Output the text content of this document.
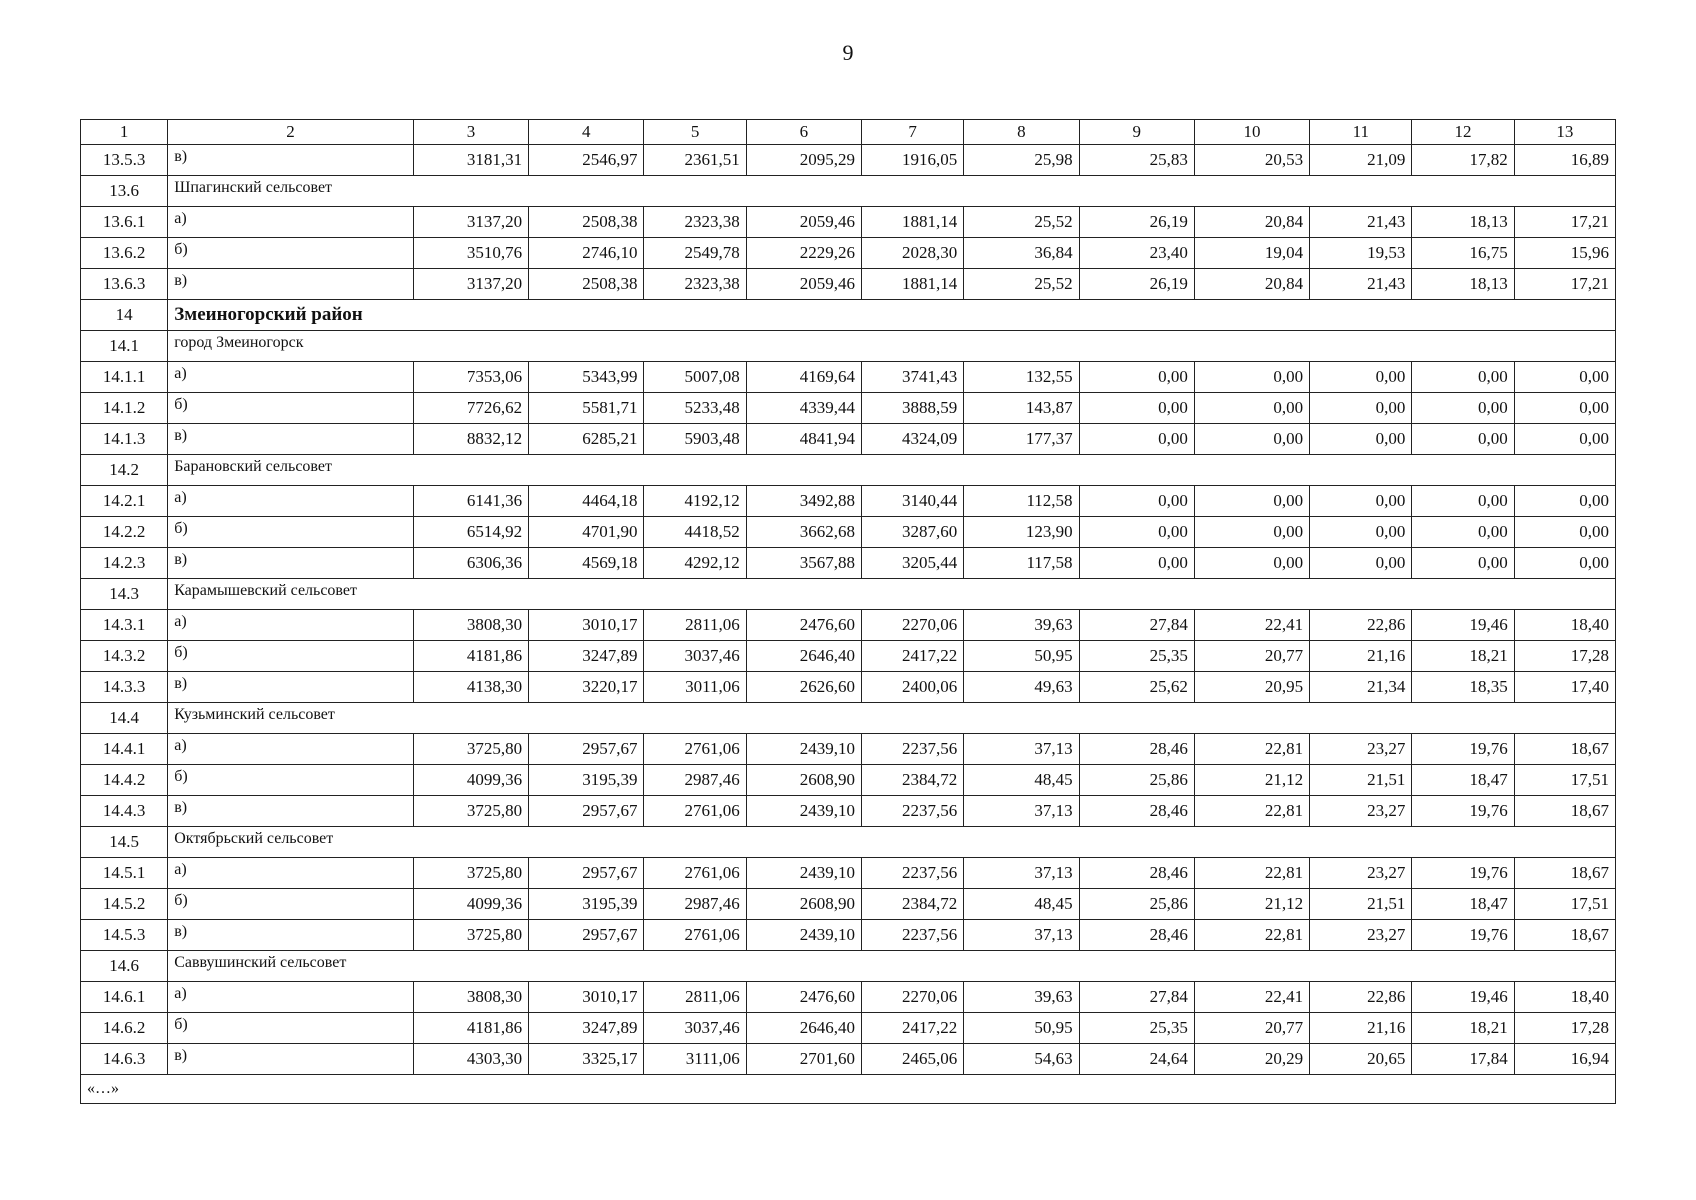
9
1	2	3	4	5	6	7	8	9	10	11	12	13
13.5.3	в)	3181,31	2546,97	2361,51	2095,29	1916,05	25,98	25,83	20,53	21,09	17,82	16,89
13.6	Шпагинский сельсовет											
13.6.1	а)	3137,20	2508,38	2323,38	2059,46	1881,14	25,52	26,19	20,84	21,43	18,13	17,21
13.6.2	б)	3510,76	2746,10	2549,78	2229,26	2028,30	36,84	23,40	19,04	19,53	16,75	15,96
13.6.3	в)	3137,20	2508,38	2323,38	2059,46	1881,14	25,52	26,19	20,84	21,43	18,13	17,21
14	Змеиногорский район											
14.1	город Змеиногорск											
14.1.1	а)	7353,06	5343,99	5007,08	4169,64	3741,43	132,55	0,00	0,00	0,00	0,00	0,00
14.1.2	б)	7726,62	5581,71	5233,48	4339,44	3888,59	143,87	0,00	0,00	0,00	0,00	0,00
14.1.3	в)	8832,12	6285,21	5903,48	4841,94	4324,09	177,37	0,00	0,00	0,00	0,00	0,00
14.2	Барановский сельсовет											
14.2.1	а)	6141,36	4464,18	4192,12	3492,88	3140,44	112,58	0,00	0,00	0,00	0,00	0,00
14.2.2	б)	6514,92	4701,90	4418,52	3662,68	3287,60	123,90	0,00	0,00	0,00	0,00	0,00
14.2.3	в)	6306,36	4569,18	4292,12	3567,88	3205,44	117,58	0,00	0,00	0,00	0,00	0,00
14.3	Карамышевский сельсовет											
14.3.1	а)	3808,30	3010,17	2811,06	2476,60	2270,06	39,63	27,84	22,41	22,86	19,46	18,40
14.3.2	б)	4181,86	3247,89	3037,46	2646,40	2417,22	50,95	25,35	20,77	21,16	18,21	17,28
14.3.3	в)	4138,30	3220,17	3011,06	2626,60	2400,06	49,63	25,62	20,95	21,34	18,35	17,40
14.4	Кузьминский сельсовет											
14.4.1	а)	3725,80	2957,67	2761,06	2439,10	2237,56	37,13	28,46	22,81	23,27	19,76	18,67
14.4.2	б)	4099,36	3195,39	2987,46	2608,90	2384,72	48,45	25,86	21,12	21,51	18,47	17,51
14.4.3	в)	3725,80	2957,67	2761,06	2439,10	2237,56	37,13	28,46	22,81	23,27	19,76	18,67
14.5	Октябрьский сельсовет											
14.5.1	а)	3725,80	2957,67	2761,06	2439,10	2237,56	37,13	28,46	22,81	23,27	19,76	18,67
14.5.2	б)	4099,36	3195,39	2987,46	2608,90	2384,72	48,45	25,86	21,12	21,51	18,47	17,51
14.5.3	в)	3725,80	2957,67	2761,06	2439,10	2237,56	37,13	28,46	22,81	23,27	19,76	18,67
14.6	Саввушинский сельсовет											
14.6.1	а)	3808,30	3010,17	2811,06	2476,60	2270,06	39,63	27,84	22,41	22,86	19,46	18,40
14.6.2	б)	4181,86	3247,89	3037,46	2646,40	2417,22	50,95	25,35	20,77	21,16	18,21	17,28
14.6.3	в)	4303,30	3325,17	3111,06	2701,60	2465,06	54,63	24,64	20,29	20,65	17,84	16,94
«…»												
